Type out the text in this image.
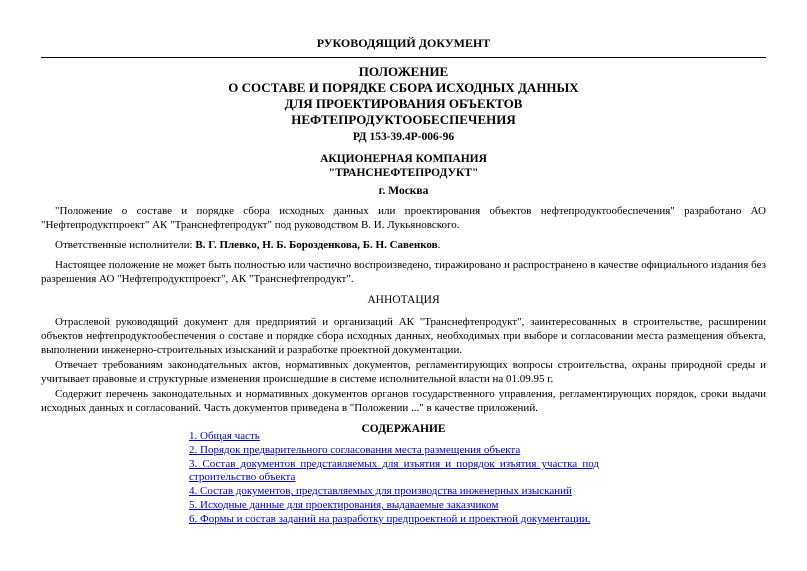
РУКОВОДЯЩИЙ ДОКУМЕНТ
ПОЛОЖЕНИЕ
О СОСТАВЕ И ПОРЯДКЕ СБОРА ИСХОДНЫХ ДАННЫХ
ДЛЯ ПРОЕКТИРОВАНИЯ ОБЪЕКТОВ
НЕФТЕПРОДУКТООБЕСПЕЧЕНИЯ
РД 153-39.4Р-006-96
АКЦИОНЕРНАЯ КОМПАНИЯ
"ТРАНСНЕФТЕПРОДУКТ"
г. Москва

"Положение о составе и порядке сбора исходных данных или проектирования объектов нефтепродуктообеспечения" разработано АО "Нефтепродуктпроект" АК "Транснефтепродукт" под руководством В. И. Лукьяновского.

Ответственные исполнители: В. Г. Плевко, Н. Б. Борозденкова, Б. Н. Савенков.

Настоящее положение не может быть полностью или частично воспроизведено, тиражировано и распространено в качестве официального издания без разрешения АО "Нефтепродуктпроект", АК "Транснефтепродукт".

АННОТАЦИЯ

Отраслевой руководящий документ для предприятий и организаций АК "Транснефтепродукт", заинтересованных в строительстве, расширении объектов нефтепродуктообеспечения о составе и порядке сбора исходных данных, необходимых при выборе и согласовании места размещения объекта, выполнении инженерно-строительных изысканий и разработке проектной документации.

Отвечает требованиям законодательных актов, нормативных документов, регламентирующих вопросы строительства, охраны природной среды и учитывает правовые и структурные изменения происшедшие в системе исполнительной власти на 01.09.95 г.

Содержит перечень законодательных и нормативных документов органов государственного управления, регламентирующих порядок, сроки выдачи исходных данных и согласований. Часть документов приведена в "Положении ..." в качестве приложений.

СОДЕРЖАНИЕ
1. Общая часть
2. Порядок предварительного согласования места размещения объекта
3. Состав документов представляемых для изъятия и порядок изъятия участка под
строительство объекта
4. Состав документов, представляемых для производства инженерных изысканий
5. Исходные данные для проектирования, выдаваемые заказчиком
6. Формы и состав заданий на разработку предпроектной и проектной документации.
